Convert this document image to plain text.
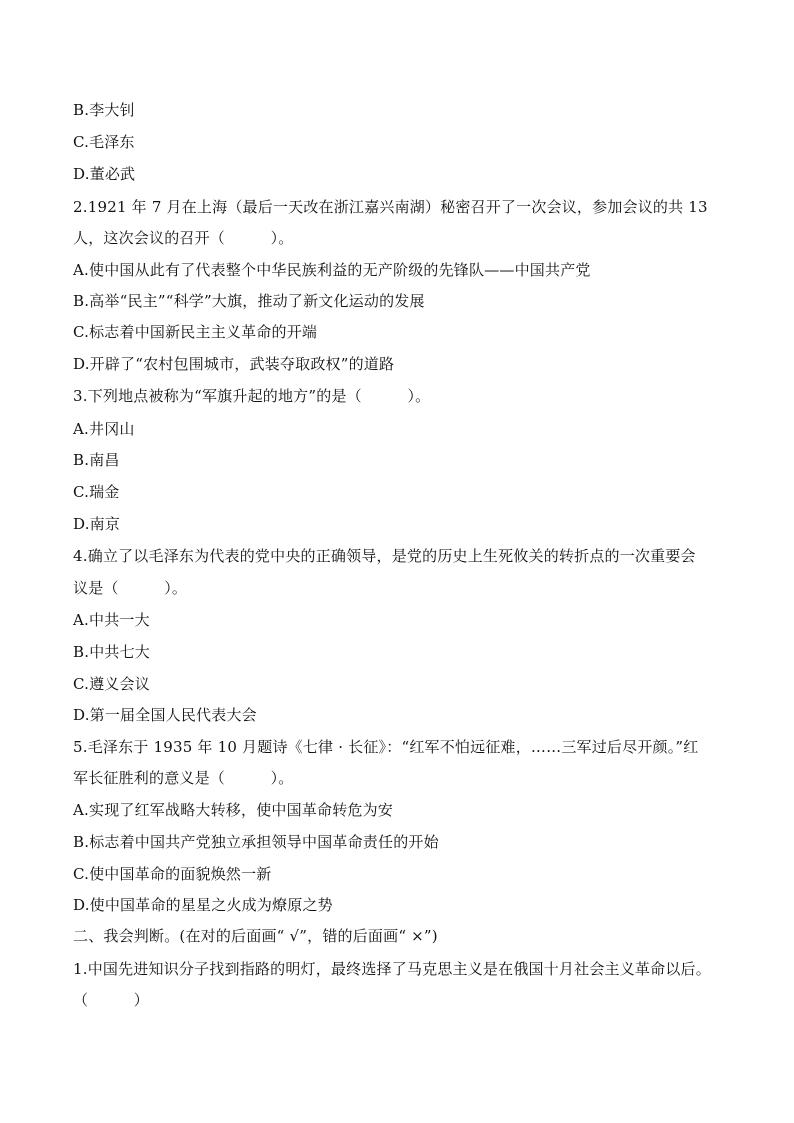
B.李大钊
C.毛泽东
D.董必武
2.1921 年 7 月在上海（最后一天改在浙江嘉兴南湖）秘密召开了一次会议，参加会议的共 13
人，这次会议的召开（　　　）。
A.使中国从此有了代表整个中华民族利益的无产阶级的先锋队——中国共产党
B.高举“民主”“科学”大旗，推动了新文化运动的发展
C.标志着中国新民主主义革命的开端
D.开辟了“农村包围城市，武装夺取政权”的道路
3.下列地点被称为“军旗升起的地方”的是（　　　）。
A.井冈山
B.南昌
C.瑞金
D.南京
4.确立了以毛泽东为代表的党中央的正确领导，是党的历史上生死攸关的转折点的一次重要会
议是（　　　）。
A.中共一大
B.中共七大
C.遵义会议
D.第一届全国人民代表大会
5.毛泽东于 1935 年 10 月题诗《七律 · 长征》：“红军不怕远征难，……三军过后尽开颜。”红
军长征胜利的意义是（　　　）。
A.实现了红军战略大转移，使中国革命转危为安
B.标志着中国共产党独立承担领导中国革命责任的开始
C.使中国革命的面貌焕然一新
D.使中国革命的星星之火成为燎原之势
二、我会判断。(在对的后面画“ √”，错的后面画“ ×”)
1.中国先进知识分子找到指路的明灯，最终选择了马克思主义是在俄国十月社会主义革命以后。
（　　　）
